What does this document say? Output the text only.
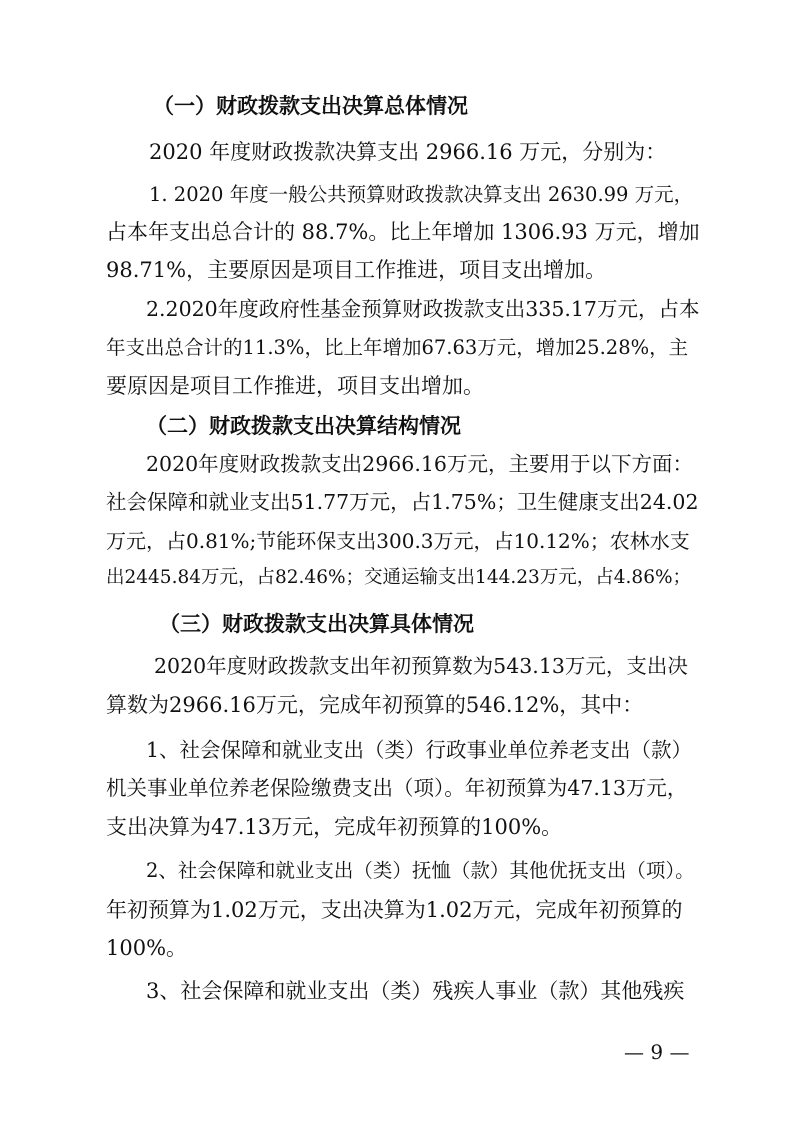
（一）财政拨款支出决算总体情况
2020 年度财政拨款决算支出 2966.16 万元，分别为：
1. 2020 年度一般公共预算财政拨款决算支出 2630.99 万元，
占本年支出总合计的 88.7%。比上年增加 1306.93 万元，增加
98.71%，主要原因是项目工作推进，项目支出增加。
2.2020年度政府性基金预算财政拨款支出335.17万元，占本
年支出总合计的11.3%，比上年增加67.63万元，增加25.28%，主
要原因是项目工作推进，项目支出增加。
（二）财政拨款支出决算结构情况
2020年度财政拨款支出2966.16万元，主要用于以下方面：
社会保障和就业支出51.77万元，占1.75%；卫生健康支出24.02
万元，占0.81%;节能环保支出300.3万元，占10.12%；农林水支
出2445.84万元，占82.46%；交通运输支出144.23万元，占4.86%；
（三）财政拨款支出决算具体情况
2020年度财政拨款支出年初预算数为543.13万元，支出决
算数为2966.16万元，完成年初预算的546.12%，其中：
1、社会保障和就业支出（类）行政事业单位养老支出（款）
机关事业单位养老保险缴费支出（项）。年初预算为47.13万元，
支出决算为47.13万元，完成年初预算的100%。
2、社会保障和就业支出（类）抚恤（款）其他优抚支出（项）。
年初预算为1.02万元，支出决算为1.02万元，完成年初预算的
100%。
3、社会保障和就业支出（类）残疾人事业（款）其他残疾
— 9 —
